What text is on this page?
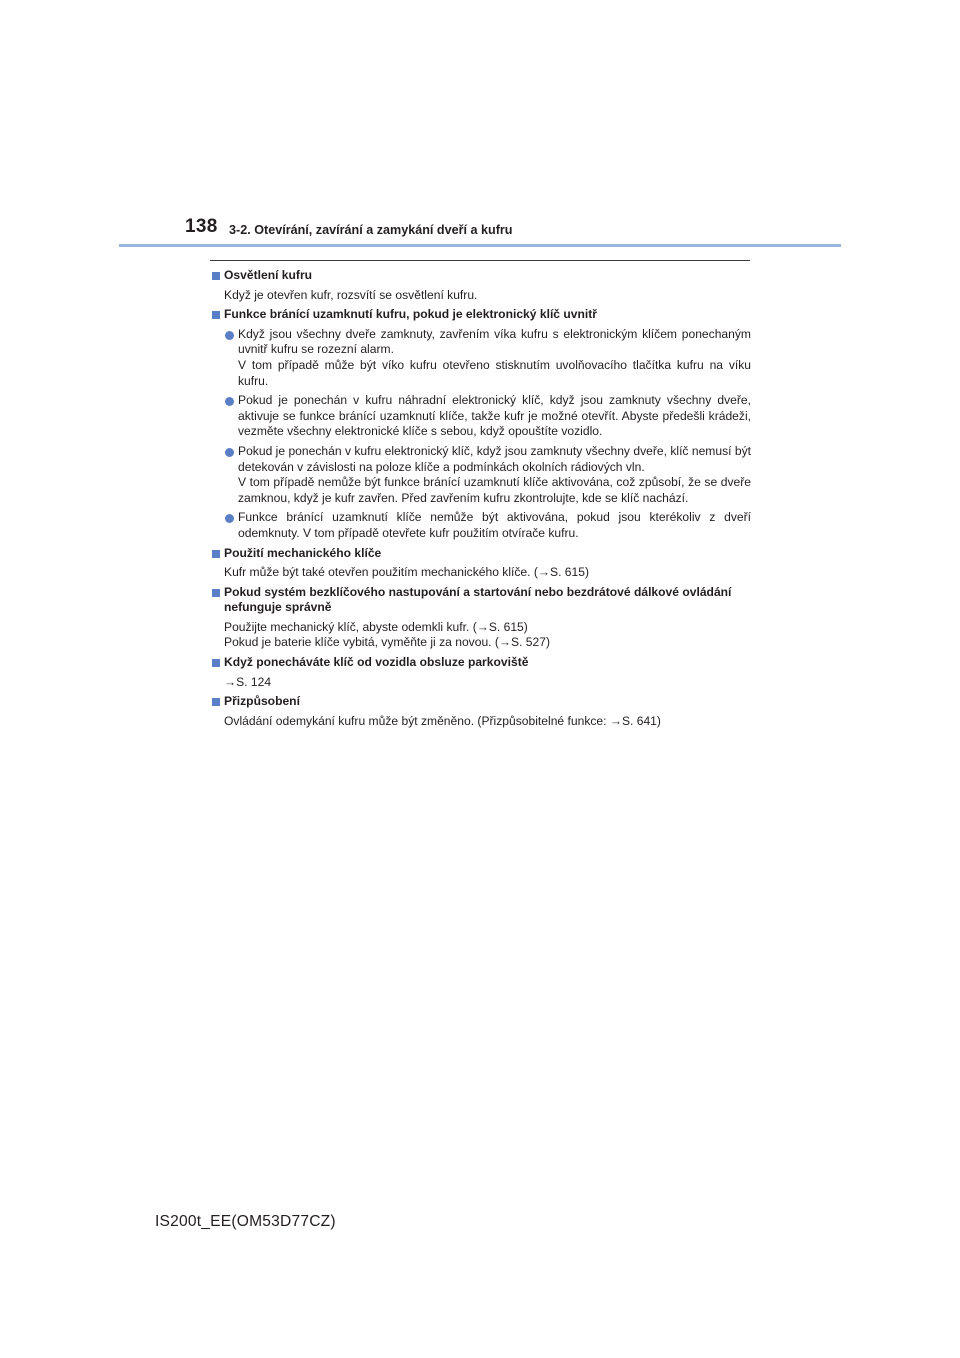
138 3-2. Otevírání, zavírání a zamykání dveří a kufru
Osvětlení kufru
Když je otevřen kufr, rozsvítí se osvětlení kufru.
Funkce bránící uzamknutí kufru, pokud je elektronický klíč uvnitř
Když jsou všechny dveře zamknuty, zavřením víka kufru s elektronickým klíčem ponechaným uvnitř kufru se rozezní alarm.
V tom případě může být víko kufru otevřeno stisknutím uvolňovacího tlačítka kufru na víku kufru.
Pokud je ponechán v kufru náhradní elektronický klíč, když jsou zamknuty všechny dveře, aktivuje se funkce bránící uzamknutí klíče, takže kufr je možné otevřít. Abyste předešli krádeži, vezměte všechny elektronické klíče s sebou, když opouštíte vozidlo.
Pokud je ponechán v kufru elektronický klíč, když jsou zamknuty všechny dveře, klíč nemusí být detekován v závislosti na poloze klíče a podmínkách okolních rádiových vln.
V tom případě nemůže být funkce bránící uzamknutí klíče aktivována, což způsobí, že se dveře zamknou, když je kufr zavřen. Před zavřením kufru zkontrolujte, kde se klíč nachází.
Funkce bránící uzamknutí klíče nemůže být aktivována, pokud jsou kterékoliv z dveří odemknuty. V tom případě otevřete kufr použitím otvírače kufru.
Použití mechanického klíče
Kufr může být také otevřen použitím mechanického klíče. (→S. 615)
Pokud systém bezklíčového nastupování a startování nebo bezdrátové dálkové ovládání nefunguje správně
Použijte mechanický klíč, abyste odemkli kufr. (→S. 615)
Pokud je baterie klíče vybitá, vyměňte ji za novou. (→S. 527)
Když ponecháváte klíč od vozidla obsluze parkoviště
→S. 124
Přizpůsobení
Ovládání odemykání kufru může být změněno. (Přizpůsobitelné funkce: →S. 641)
IS200t_EE(OM53D77CZ)
